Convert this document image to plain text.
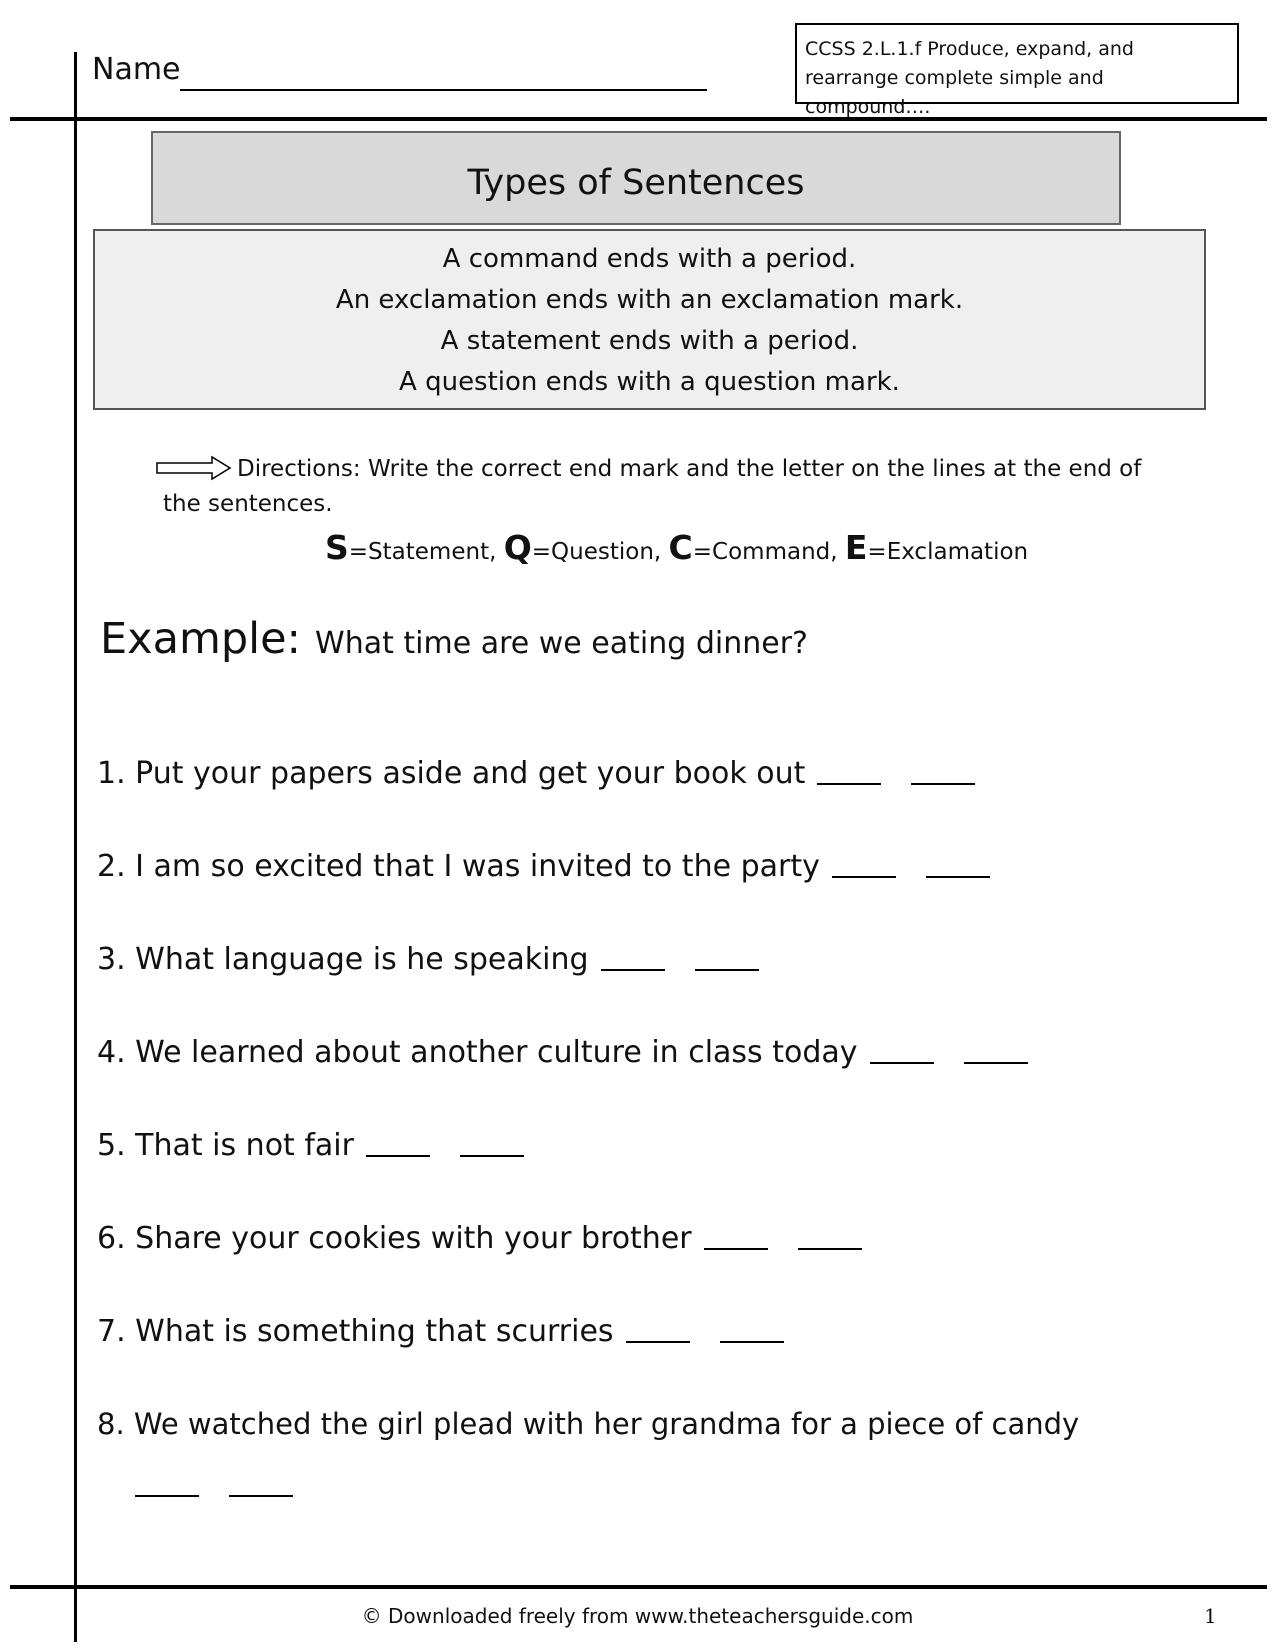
Name
CCSS 2.L.1.f Produce, expand, and
rearrange complete simple and compound….
Types of Sentences
A command ends with a period.
An exclamation ends with an exclamation mark.
A statement ends with a period.
A question ends with a question mark.
Directions: Write the correct end mark and the letter on the lines at the end of the sentences.
S=Statement, Q=Question, C=Command, E=Exclamation
Example: What time are we eating dinner?
1. Put your papers aside and get your book out
2. I am so excited that I was invited to the party
3. What language is he speaking
4. We learned about another culture in class today
5. That is not fair
6. Share your cookies with your brother
7. What is something that scurries
8. We watched the girl plead with her grandma for a piece of candy
© Downloaded freely from www.theteachersguide.com	1
